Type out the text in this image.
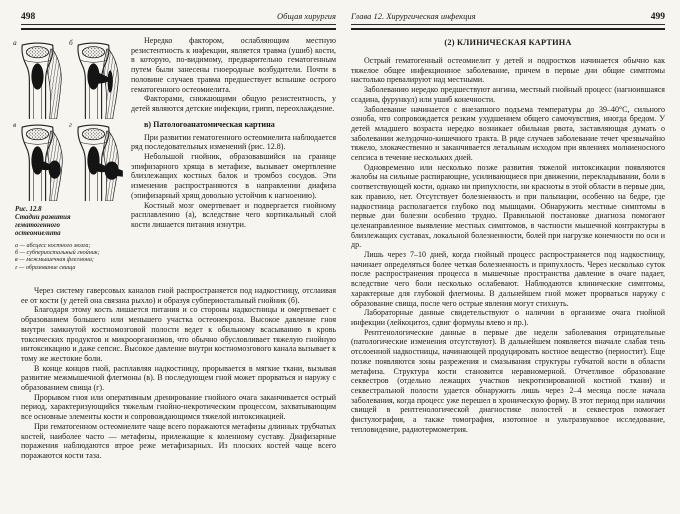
498	Общая хирургия
а	б
в	г
Рис. 12.8
Стадии развития гематогенного остеомиелита
а — абсцесс костного мозга;
б — субпериостальный гнойник;
в — межмышечная флегмона;
г — образование свища

Нередко фактором, ослабляющим местную резистентность к инфекции, является травма (ушиб) кости, в которую, по-видимому, предварительно гематогенным путем были занесены гноеродные возбудители. Почти в половине случаев травма предшествует вспышке острого гематогенного остеомиелита.

Факторами, снижающими общую резистентность, у детей являются детские инфекции, грипп, переохлаждение.

в) Патологоанатомическая картина

При развитии гематогенного остеомиелита наблюдается ряд последовательных изменений (рис. 12.8).

Небольшой гнойник, образовавшийся на границе эпифизарного хряща в метафизе, вызывает омертвление близлежащих костных балок и тромбоз сосудов. Эти изменения распространяются в направлении диафиза (эпифизарный хрящ довольно устойчив к нагноению).

Костный мозг омертвевает и подвергается гнойному расплавлению (а), вследствие чего кортикальный слой кости лишается питания изнутри.

Через систему гаверсовых каналов гной распространяется под надкостницу, отслаивая ее от кости (у детей она связана рыхло) и образуя субпериостальный гнойник (б).

Благодаря этому кость лишается питания и со стороны надкостницы и омертвевает с образованием большего или меньшего участка остеонекроза. Высокое давление гноя внутри замкнутой костномозговой полости ведет к обильному всасыванию в кровь токсических продуктов и микроорганизмов, что обычно обусловливает тяжелую гнойную интоксикацию и даже сепсис. Высокое давление внутри костномозгового канала вызывает к тому же жестокие боли.

В конце концов гной, расплавляя надкостницу, прорывается в мягкие ткани, вызывая развитие межмышечной флегмоны (в). В последующем гной может прорваться и наружу с образованием свища (г).

Прорывом гноя или оперативным дренирование гнойного очага заканчивается острый период, характеризующийся тяжелым гнойно-некротическим процессом, захватывающим все основные элементы кости и сопровождающимся тяжелой интоксикацией.

При гематогенном остеомиелите чаще всего поражаются метафизы длинных трубчатых костей, наиболее часто — метафизы, прилежащие к коленному суставу. Диафизарные поражения наблюдаются втрое реже метафизарных. Из плоских костей чаще всего поражаются кости таза.

Глава 12. Хирургическая инфекция	499
(2) КЛИНИЧЕСКАЯ КАРТИНА

Острый гематогенный остеомиелит у детей и подростков начинается обычно как тяжелое общее инфекционное заболевание, причем в первые дни общие симптомы настолько превалируют над местными.

Заболеванию нередко предшествуют ангина, местный гнойный процесс (нагноившаяся ссадина, фурункул) или ушиб конечности.

Заболевание начинается с внезапного подъема температуры до 39–40°С, сильного озноба, что сопровождается резким ухудшением общего самочувствия, иногда бредом. У детей младшего возраста нередко возникает обильная рвота, заставляющая думать о заболевании желудочно-кишечного тракта. В ряде случаев заболевание течет чрезвычайно тяжело, злокачественно и заканчивается летальным исходом при явлениях молниеносного сепсиса в течение нескольких дней.

Одновременно или несколько позже развития тяжелой интоксикации появляются жалобы на сильные распирающие, усиливающиеся при движении, перекладывании, боли в соответствующей кости, однако ни припухлости, ни красноты в этой области в первые дни, как правило, нет. Отсутствует болезненность и при пальпации, особенно на бедре, где надкостница располагается глубоко под мышцами. Обнаружить местные симптомы в первые дни болезни особенно трудно. Правильной постановке диагноза помогают целенаправленное выявление местных симптомов, в частности мышечной контрактуры в близлежащих суставах, локальной болезненности, болей при нагрузке конечности по оси и др.

Лишь через 7–10 дней, когда гнойный процесс распространяется под надкостницу, начинает определяться более четкая болезненность и припухлость. Через несколько суток после распространения процесса в мышечные пространства давление в очаге падает, вследствие чего боли несколько ослабевают. Наблюдаются клинические симптомы, характерные для глубокой флегмоны. В дальнейшем гной может прорваться наружу с образование свища, после чего острые явления могут стихнуть.

Лабораторные данные свидетельствуют о наличии в организме очага гнойной инфекции (лейкоцитоз, сдвиг формулы влево и пр.).

Рентгенологические данные в первые две недели заболевания отрицательные (патологические изменения отсутствуют). В дальнейшем появляется вначале слабая тень отслоенной надкостницы, начинающей продуцировать костное вещество (периостит). Еще позже появляются зоны разрежения и смазывания структуры губчатой кости в области метафиза. Структура кости становится неравномерной. Отчетливое образование секвестров (отдельно лежащих участков некротизированной костной ткани) и секвестральной полости удается обнаружить лишь через 2–4 месяца после начала заболевания, когда процесс уже перешел в хроническую форму. В этот период при наличии свищей в рентгенологической диагностике полостей и секвестров помогает фистулография, а также томография, изотопное и ультразвуковое исследование, тепловидение, радиотермометрия.
